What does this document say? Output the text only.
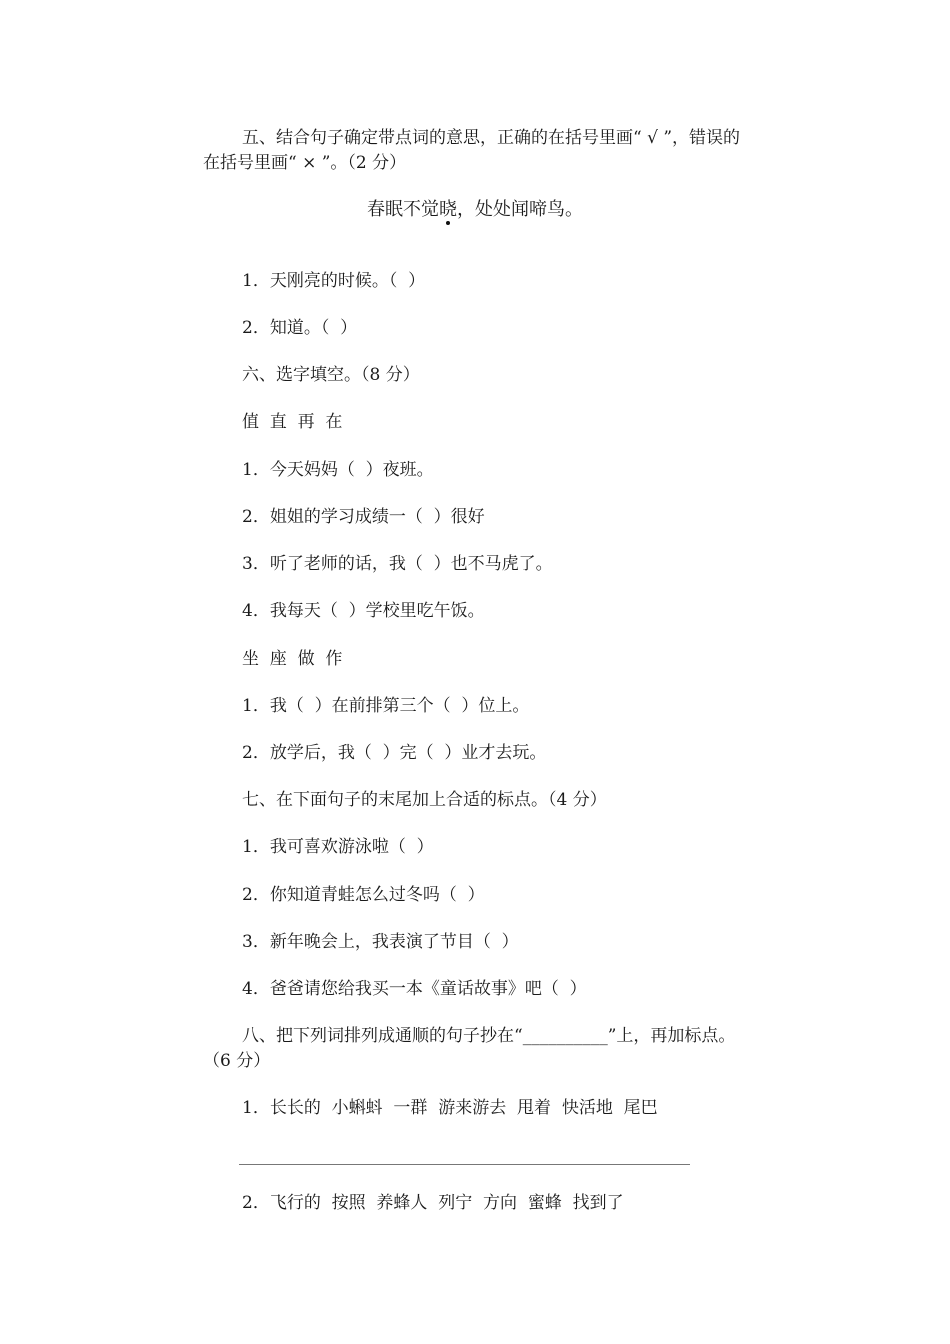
五、结合句子确定带点词的意思，正确的在括号里画“ √ ”，错误的
在括号里画“ × ”。（2 分）
春眠不觉晓
，处处闻啼鸟。
1．天刚亮的时候。（  ）
2．知道。（  ）
六、选字填空。（8 分）
值  直  再  在
1．今天妈妈（  ）夜班。
2．姐姐的学习成绩一（  ）很好
3．听了老师的话，我（  ）也不马虎了。
4．我每天（  ）学校里吃午饭。
坐  座  做  作
1．我（  ）在前排第三个（  ）位上。
2．放学后，我（  ）完（  ）业才去玩。
七、在下面句子的末尾加上合适的标点。（4 分）
1．我可喜欢游泳啦（  ）
2．你知道青蛙怎么过冬吗（  ）
3．新年晚会上，我表演了节目（  ）
4．爸爸请您给我买一本《童话故事》吧（  ）
八、把下列词排列成通顺的句子抄在“__________”上，再加标点。
（6 分）
1．长长的  小蝌蚪  一群  游来游去  甩着  快活地  尾巴
2．飞行的  按照  养蜂人  列宁  方向  蜜蜂  找到了
